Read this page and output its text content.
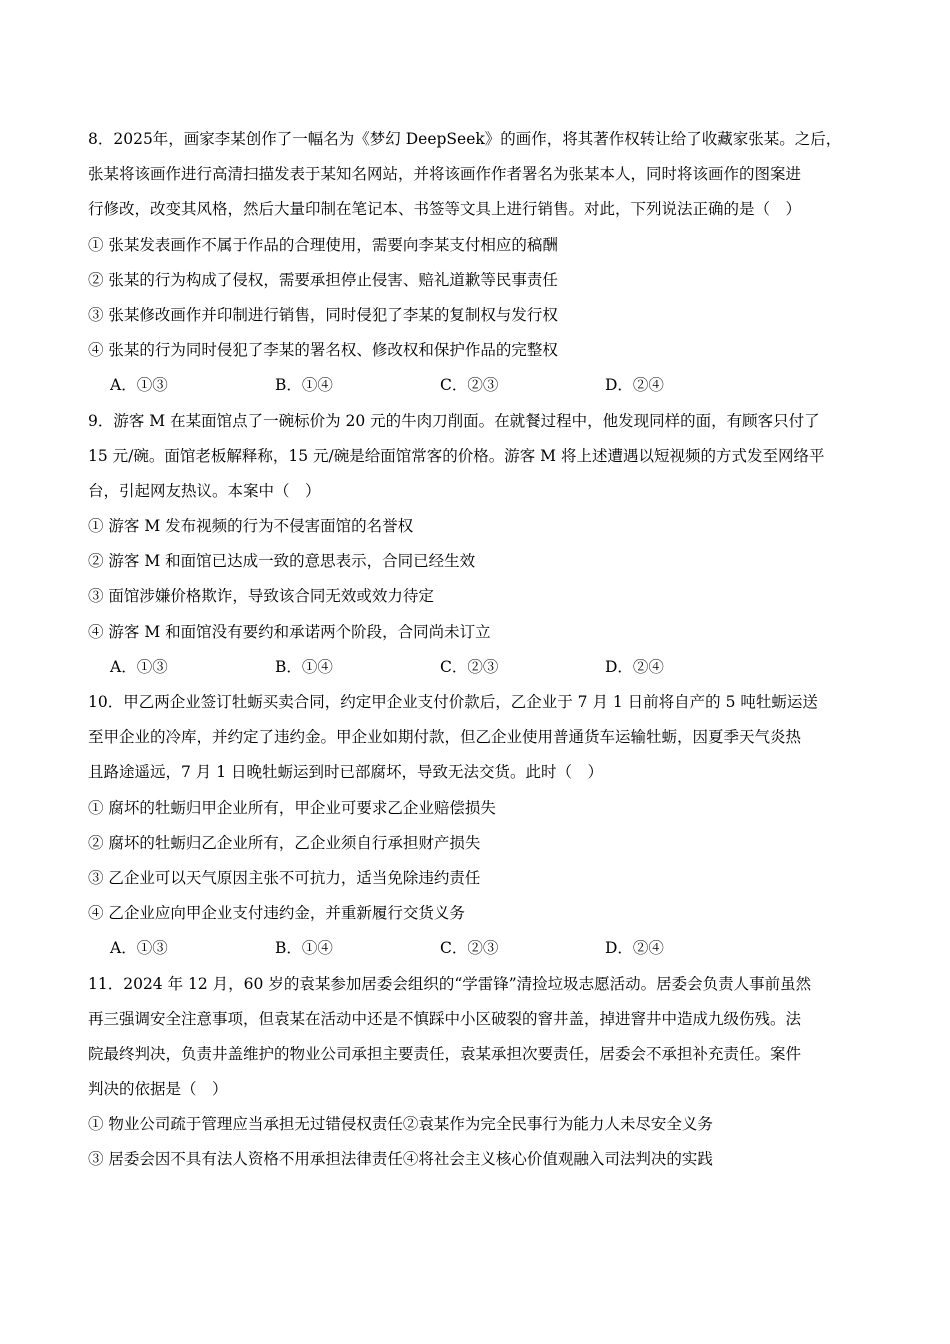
8．2025年，画家李某创作了一幅名为《梦幻 DeepSeek》的画作，将其著作权转让给了收藏家张某。之后，
张某将该画作进行高清扫描发表于某知名网站，并将该画作作者署名为张某本人，同时将该画作的图案进
行修改，改变其风格，然后大量印制在笔记本、书签等文具上进行销售。对此，下列说法正确的是（　）
① 张某发表画作不属于作品的合理使用，需要向李某支付相应的稿酬
② 张某的行为构成了侵权，需要承担停止侵害、赔礼道歉等民事责任
③ 张某修改画作并印制进行销售，同时侵犯了李某的复制权与发行权
④ 张某的行为同时侵犯了李某的署名权、修改权和保护作品的完整权
A．①③	B．①④	C．②③	D．②④
9．游客 M 在某面馆点了一碗标价为 20 元的牛肉刀削面。在就餐过程中，他发现同样的面，有顾客只付了
15 元/碗。面馆老板解释称，15 元/碗是给面馆常客的价格。游客 M 将上述遭遇以短视频的方式发至网络平
台，引起网友热议。本案中（　）
① 游客 M 发布视频的行为不侵害面馆的名誉权
② 游客 M 和面馆已达成一致的意思表示，合同已经生效
③ 面馆涉嫌价格欺诈，导致该合同无效或效力待定
④ 游客 M 和面馆没有要约和承诺两个阶段，合同尚未订立
A．①③	B．①④	C．②③	D．②④
10．甲乙两企业签订牡蛎买卖合同，约定甲企业支付价款后，乙企业于 7 月 1 日前将自产的 5 吨牡蛎运送
至甲企业的冷库，并约定了违约金。甲企业如期付款，但乙企业使用普通货车运输牡蛎，因夏季天气炎热
且路途遥远，7 月 1 日晚牡蛎运到时已部腐坏，导致无法交货。此时（　）
① 腐坏的牡蛎归甲企业所有，甲企业可要求乙企业赔偿损失
② 腐坏的牡蛎归乙企业所有，乙企业须自行承担财产损失
③ 乙企业可以天气原因主张不可抗力，适当免除违约责任
④ 乙企业应向甲企业支付违约金，并重新履行交货义务
A．①③	B．①④	C．②③	D．②④
11．2024 年 12 月，60 岁的袁某参加居委会组织的“学雷锋”清捡垃圾志愿活动。居委会负责人事前虽然
再三强调安全注意事项，但袁某在活动中还是不慎踩中小区破裂的窨井盖，掉进窨井中造成九级伤残。法
院最终判决，负责井盖维护的物业公司承担主要责任，袁某承担次要责任，居委会不承担补充责任。案件
判决的依据是（　）
① 物业公司疏于管理应当承担无过错侵权责任②袁某作为完全民事行为能力人未尽安全义务
③ 居委会因不具有法人资格不用承担法律责任④将社会主义核心价值观融入司法判决的实践
